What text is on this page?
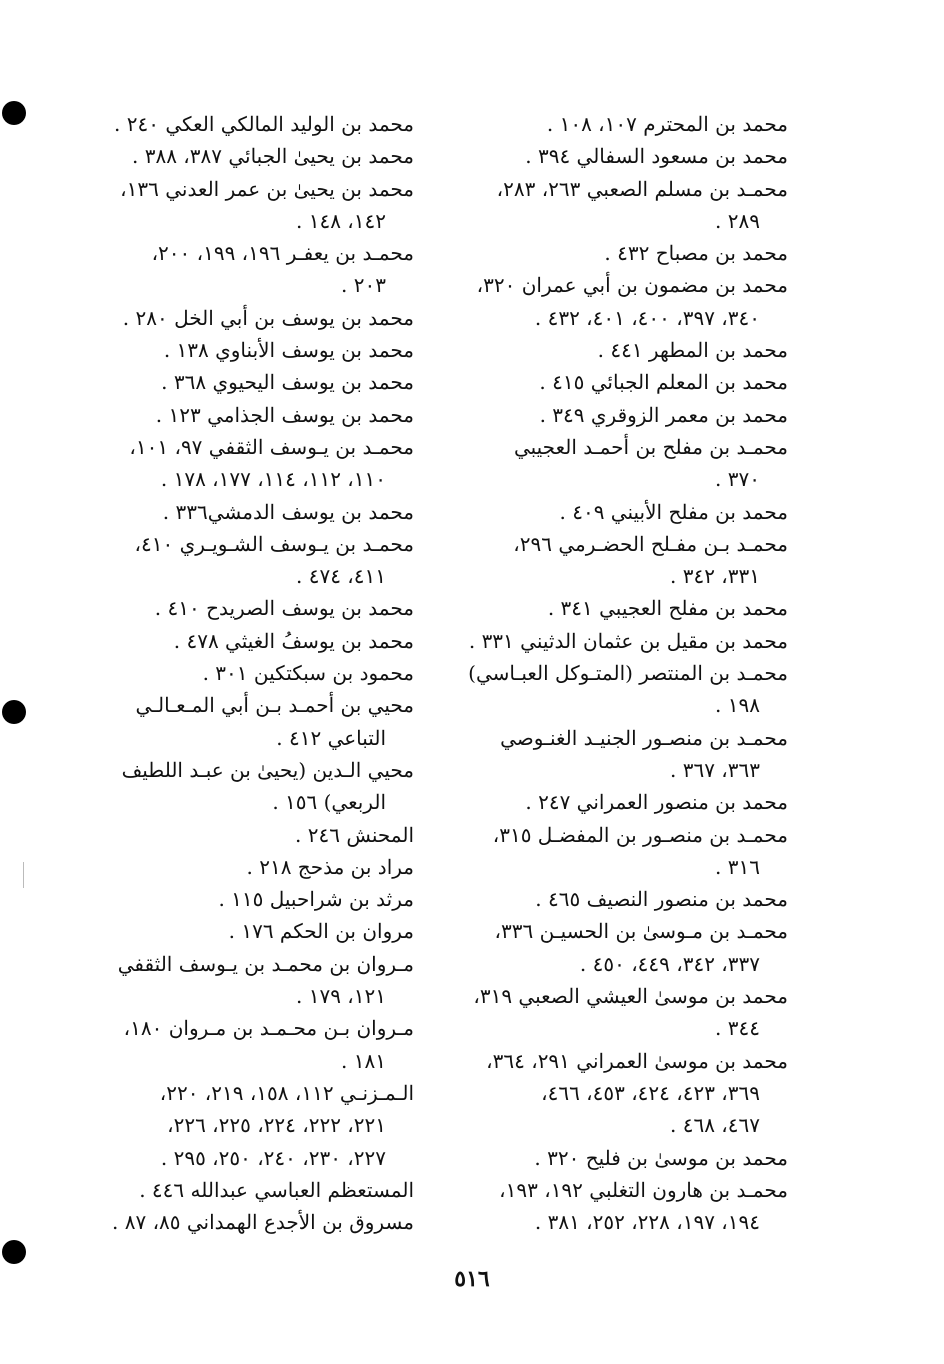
محمد بن المحترم ١٠٧، ١٠٨ .
محمد بن مسعود السفالي ٣٩٤ .
محمـد بن مسلم الصعبي ٢٦٣، ٢٨٣،
٢٨٩ .
محمد بن مصباح ٤٣٢ .
محمد بن مضمون بن أبي عمران ٣٢٠،
٣٤٠، ٣٩٧، ٤٠٠، ٤٠١، ٤٣٢ .
محمد بن المطهر ٤٤١ .
محمد بن المعلم الجبائي ٤١٥ .
محمد بن معمر الزوقري ٣٤٩ .
محمـد بن مفلح بن أحمـد العجيبي
٣٧٠ .
محمد بن مفلح الأبيني ٤٠٩ .
محمـد بـن مفـلح الحضـرمي ٢٩٦،
٣٣١، ٣٤٢ .
محمد بن مفلح العجيبي ٣٤١ .
محمد بن مقيل بن عثمان الدثيني ٣٣١ .
محمـد بن المنتصر (المتـوكل العبـاسي)
١٩٨ .
محمـد بن منصـور الجنيـد الغنـوصي
٣٦٣، ٣٦٧ .
محمد بن منصور العمراني ٢٤٧ .
محمـد بن منصـور بن المفضـل ٣١٥،
٣١٦ .
محمد بن منصور النصيف ٤٦٥ .
محمـد بن مـوسىٰ بن الحسيـن ٣٣٦،
٣٣٧، ٣٤٢، ٤٤٩، ٤٥٠ .
محمد بن موسىٰ العيشي الصعبي ٣١٩،
٣٤٤ .
محمد بن موسىٰ العمراني ٢٩١، ٣٦٤،
٣٦٩، ٤٢٣، ٤٢٤، ٤٥٣، ٤٦٦،
٤٦٧، ٤٦٨ .
محمد بن موسىٰ بن فليح ٣٢٠ .
محمـد بن هارون التغلبي ١٩٢، ١٩٣،
١٩٤، ١٩٧، ٢٢٨، ٢٥٢، ٣٨١ .
محمد بن الوليد المالكي العكي ٢٤٠ .
محمد بن يحيىٰ الجبائي ٣٨٧، ٣٨٨ .
محمد بن يحيىٰ بن عمر العدني ١٣٦،
١٤٢، ١٤٨ .
محمـد بن يعفـر ١٩٦، ١٩٩، ٢٠٠،
٢٠٣ .
محمد بن يوسف بن أبي الخل ٢٨٠ .
محمد بن يوسف الأبناوي ١٣٨ .
محمد بن يوسف اليحيوي ٣٦٨ .
محمد بن يوسف الجذامي ١٢٣ .
محمـد بن يـوسف الثقفي ٩٧، ١٠١،
١١٠، ١١٢، ١١٤، ١٧٧، ١٧٨ .
محمد بن يوسف الدمشي٣٣٦ .
محمـد بن يـوسف الشـويـري ٤١٠،
٤١١، ٤٧٤ .
محمد بن يوسف الصريدح ٤١٠ .
محمد بن يوسفُ الغيثي ٤٧٨ .
محمود بن سبكتكين ٣٠١ .
محيي بن أحمـد بـن أبي المـعـالـي
التباعي ٤١٢ .
محيي الـدين (يحيىٰ بن عبـد اللطيف
الربعي) ١٥٦ .
المحنش ٢٤٦ .
مراد بن مذحج ٢١٨ .
مرثد بن شراحبيل ١١٥ .
مروان بن الحكم ١٧٦ .
مـروان بن محمـد بن يـوسف الثقفي
١٢١، ١٧٩ .
مـروان بـن محـمـد بن مـروان ١٨٠،
١٨١ .
الـمـزنـي ١١٢، ١٥٨، ٢١٩، ٢٢٠،
٢٢١، ٢٢٢، ٢٢٤، ٢٢٥، ٢٢٦،
٢٢٧، ٢٣٠، ٢٤٠، ٢٥٠، ٢٩٥ .
المستعظم العباسي عبدالله ٤٤٦ .
مسروق بن الأجدع الهمداني ٨٥، ٨٧ .
٥١٦
